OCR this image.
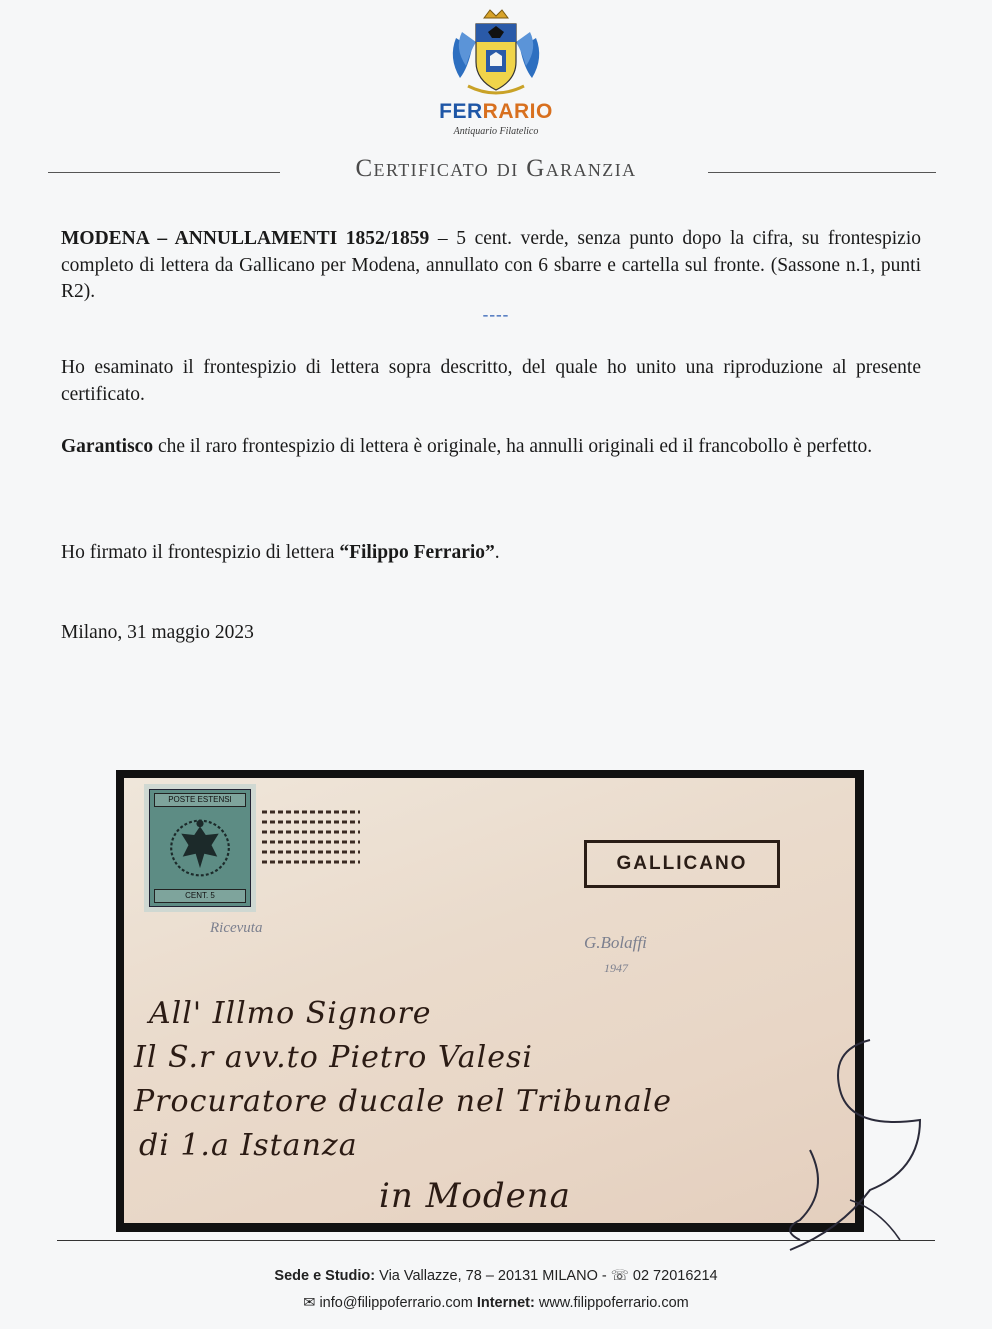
FERRARIO
Antiquario Filatelico
Certificato di Garanzia
MODENA – ANNULLAMENTI 1852/1859 – 5 cent. verde, senza punto dopo la cifra, su frontespizio completo di lettera da Gallicano per Modena, annullato con 6 sbarre e cartella sul fronte. (Sassone n.1, punti R2).
----
Ho esaminato il frontespizio di lettera sopra descritto, del quale ho unito una riproduzione al presente certificato.
Garantisco che il raro frontespizio di lettera è originale, ha annulli originali ed il francobollo è perfetto.
Ho firmato il frontespizio di lettera “Filippo Ferrario”.
Milano, 31 maggio 2023
POSTE ESTENSI
CENT. 5
GALLICANO
Ricevuta
G.Bolaffi
1947
All' Illmo Signore
Il S.r avv.to Pietro Valesi
Procuratore ducale nel Tribunale
di 1.a Istanza
in Modena
Sede e Studio: Via Vallazze, 78 – 20131 MILANO - ☏ 02 72016214
✉ info@filippoferrario.com Internet: www.filippoferrario.com
